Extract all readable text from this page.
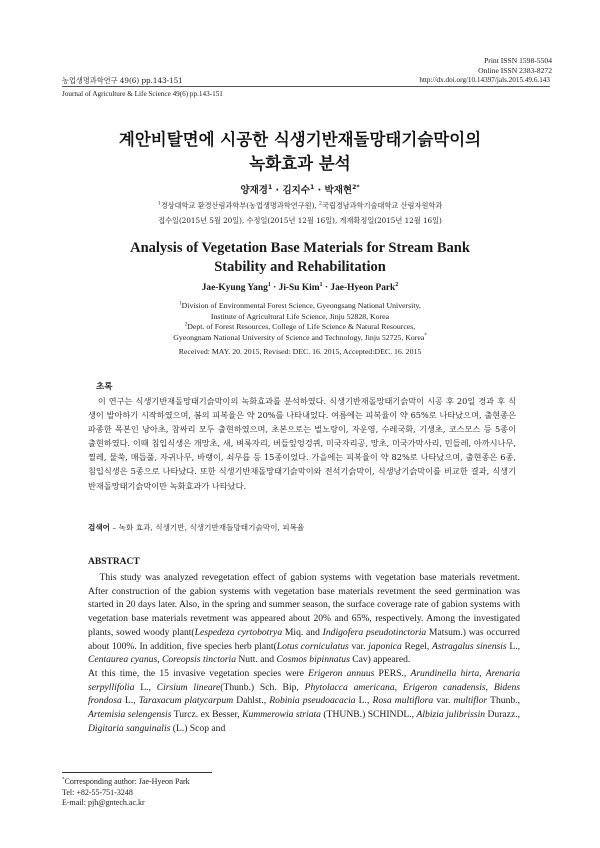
Print ISSN 1598-5504
Online ISSN 2383-8272
농업생명과학연구 49(6) pp.143-151	http://dx.doi.org/10.14397/jals.2015.49.6.143
Journal of Agriculture & Life Science 49(6) pp.143-151
계안비탈면에 시공한 식생기반재돌망태기슭막이의
녹화효과 분석
양재경$^1$ · 김지수$^1$ · 박재현$^{2*}$
$^1$경상대학교 환경산림과학부(농업생명과학연구원), $^2$국립경남과학기술대학교 산림자원학과
접수일(2015년 5월 20일), 수정일(2015년 12월 16일), 게재확정일(2015년 12월 16일)
Analysis of Vegetation Base Materials for Stream Bank
Stability and Rehabilitation
Jae-Kyung Yang$^1$ · Ji-Su Kim$^1$ · Jae-Hyeon Park$^2$
$^1$Division of Environmental Forest Science, Gyeongsang National University,
Institute of Agricultural Life Science, Jinju 52828, Korea
$^2$Dept. of Forest Resources, College of Life Science & Natural Resources,
Gyeongnam National University of Science and Technology, Jinju 52725, Korea*
Received: MAY. 20. 2015, Revised: DEC. 16. 2015, Accepted:DEC. 16. 2015
초록

이 연구는 식생기반재돌망태기슭막이의 녹화효과를 분석하였다. 식생기반재돌망태기슭막이 시공 후 20일 경과 후 식생이 발아하기 시작하였으며, 봄의 피복율은 약 20%를 나타내었다. 여름에는 피복율이 약 65%로 나타났으며, 출현종은 파종한 목본인 낭아초, 참싸리 모두 출현하였으며, 초본으로는 벌노랑이, 자운영, 수레국화, 기생초, 코스모스 등 5종이 출현하였다. 이때 침입식생은 개망초, 새, 벼룩자리, 버들잎엉겅퀴, 미국자리공, 망초, 미국가막사리, 민들레, 아까시나무, 찔레, 물쑥, 매듭풀, 자귀나무, 바랭이, 쇠무릅 등 15종이었다. 가을에는 피복율이 약 82%로 나타났으며, 출현종은 6종, 침입식생은 5종으로 나타났다. 또한 식생기반재돌망태기슭막이와 전석기슭막이, 식생낭기슭막이를 비교한 결과, 식생기반재돌망태기슭막이만 녹화효과가 나타났다.

검색어 – 녹화 효과, 식생기반, 식생기반재돌망태기슭막이, 피복율
ABSTRACT

This study was analyzed revegetation effect of gabion systems with vegetation base materials revetment. After construction of the gabion systems with vegetation base materials revetment the seed germination was started in 20 days later. Also, in the spring and summer season, the surface coverage rate of gabion systems with vegetation base materials revetment was appeared about 20% and 65%, respectively. Among the investigated plants, sowed woody plant(Lespedeza cyrtobotrya Miq. and Indigofera pseudotinctoria Matsum.) was occurred about 100%. In addition, five species herb plant(Lotus corniculatus var. japonica Regel, Astragalus sinensis L., Centaurea cyanus, Coreopsis tinctoria Nutt. and Cosmos bipinnatus Cav) appeared.

At this time, the 15 invasive vegetation species were Erigeron annuus PERS., Arundinella hirta, Arenaria serpyllifolia L., Cirsium lineare(Thunb.) Sch. Bip, Phytolacca americana, Erigeron canadensis, Bidens frondosa L., Taraxacum platycarpum Dahlst., Robinia pseudoacacia L., Rosa multiflora var. multiflor Thunb., Artemisia selengensis Turcz. ex Besser, Kummerowia striata (THUNB.) SCHINDL., Albizia julibrissin Durazz., Digitaria sanguinalis (L.) Scop and

*Corresponding author: Jae-Hyeon Park
Tel: +82-55-751-3248
E-mail: pjh@gntech.ac.kr
